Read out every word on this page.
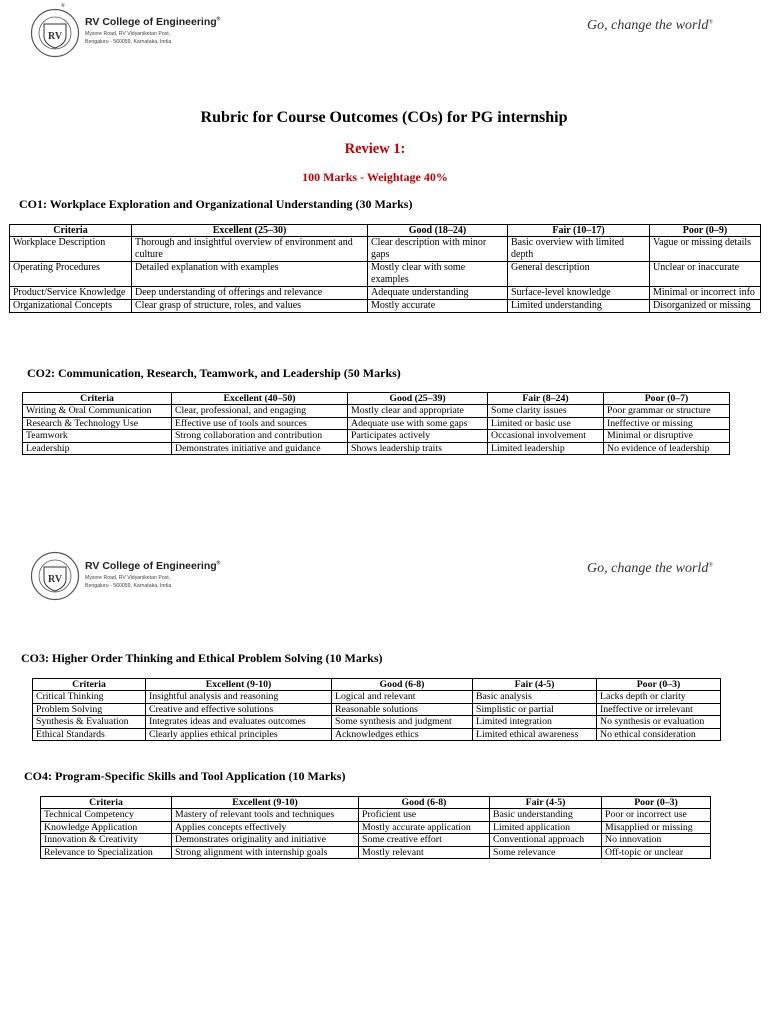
RV
®
RV College of Engineering®
Mysore Road, RV Vidyaniketan Post,
Bengaluru - 560059, Karnataka, India
Go, change the world®
Rubric for Course Outcomes (COs) for PG internship
Review 1:
100 Marks - Weightage 40%
CO1: Workplace Exploration and Organizational Understanding (30 Marks)
Criteria	Excellent (25–30)	Good (18–24)	Fair (10–17)	Poor (0–9)
Workplace Description	Thorough and insightful overview of environment and culture	Clear description with minor gaps	Basic overview with limited depth	Vague or missing details
Operating Procedures	Detailed explanation with examples	Mostly clear with some examples	General description	Unclear or inaccurate
Product/Service Knowledge	Deep understanding of offerings and relevance	Adequate understanding	Surface-level knowledge	Minimal or incorrect info
Organizational Concepts	Clear grasp of structure, roles, and values	Mostly accurate	Limited understanding	Disorganized or missing
CO2: Communication, Research, Teamwork, and Leadership (50 Marks)
Criteria	Excellent (40–50)	Good (25–39)	Fair (8–24)	Poor (0–7)
Writing & Oral Communication	Clear, professional, and engaging	Mostly clear and appropriate	Some clarity issues	Poor grammar or structure
Research & Technology Use	Effective use of tools and sources	Adequate use with some gaps	Limited or basic use	Ineffective or missing
Teamwork	Strong collaboration and contribution	Participates actively	Occasional involvement	Minimal or disruptive
Leadership	Demonstrates initiative and guidance	Shows leadership traits	Limited leadership	No evidence of leadership
RV
RV College of Engineering®
Mysore Road, RV Vidyaniketan Post,
Bengaluru - 560059, Karnataka, India
Go, change the world®
CO3: Higher Order Thinking and Ethical Problem Solving (10 Marks)
Criteria	Excellent (9-10)	Good (6-8)	Fair (4-5)	Poor (0–3)
Critical Thinking	Insightful analysis and reasoning	Logical and relevant	Basic analysis	Lacks depth or clarity
Problem Solving	Creative and effective solutions	Reasonable solutions	Simplistic or partial	Ineffective or irrelevant
Synthesis & Evaluation	Integrates ideas and evaluates outcomes	Some synthesis and judgment	Limited integration	No synthesis or evaluation
Ethical Standards	Clearly applies ethical principles	Acknowledges ethics	Limited ethical awareness	No ethical consideration
CO4: Program-Specific Skills and Tool Application (10 Marks)
Criteria	Excellent (9-10)	Good (6-8)	Fair (4-5)	Poor (0–3)
Technical Competency	Mastery of relevant tools and techniques	Proficient use	Basic understanding	Poor or incorrect use
Knowledge Application	Applies concepts effectively	Mostly accurate application	Limited application	Misapplied or missing
Innovation & Creativity	Demonstrates originality and initiative	Some creative effort	Conventional approach	No innovation
Relevance to Specialization	Strong alignment with internship goals	Mostly relevant	Some relevance	Off-topic or unclear
